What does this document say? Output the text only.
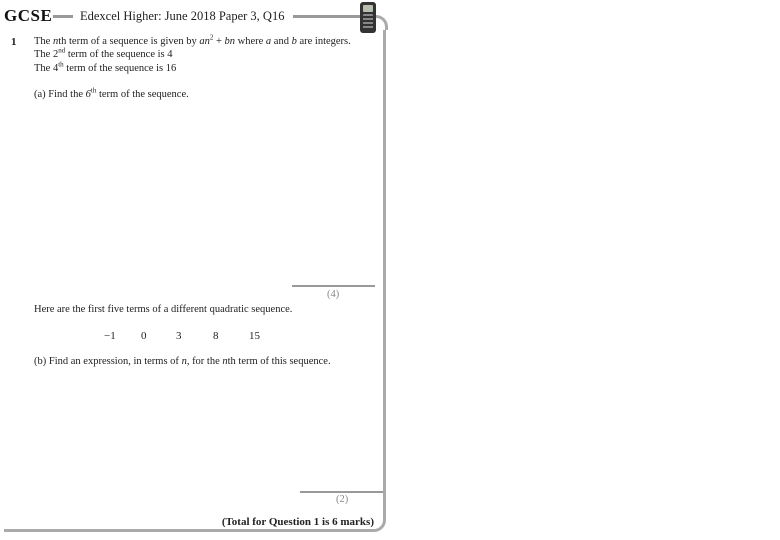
GCSE Edexcel Higher: June 2018 Paper 3, Q16
1 The nth term of a sequence is given by $an^2$ + bn where a and b are integers.
The 2nd term of the sequence is 4
The 4th term of the sequence is 16
(a) Find the 6th term of the sequence.
(4)
Here are the first five terms of a different quadratic sequence.
−1 0	3	8	15
(b) Find an expression, in terms of n, for the nth term of this sequence.
(2)
(Total for Question 1 is 6 marks)
